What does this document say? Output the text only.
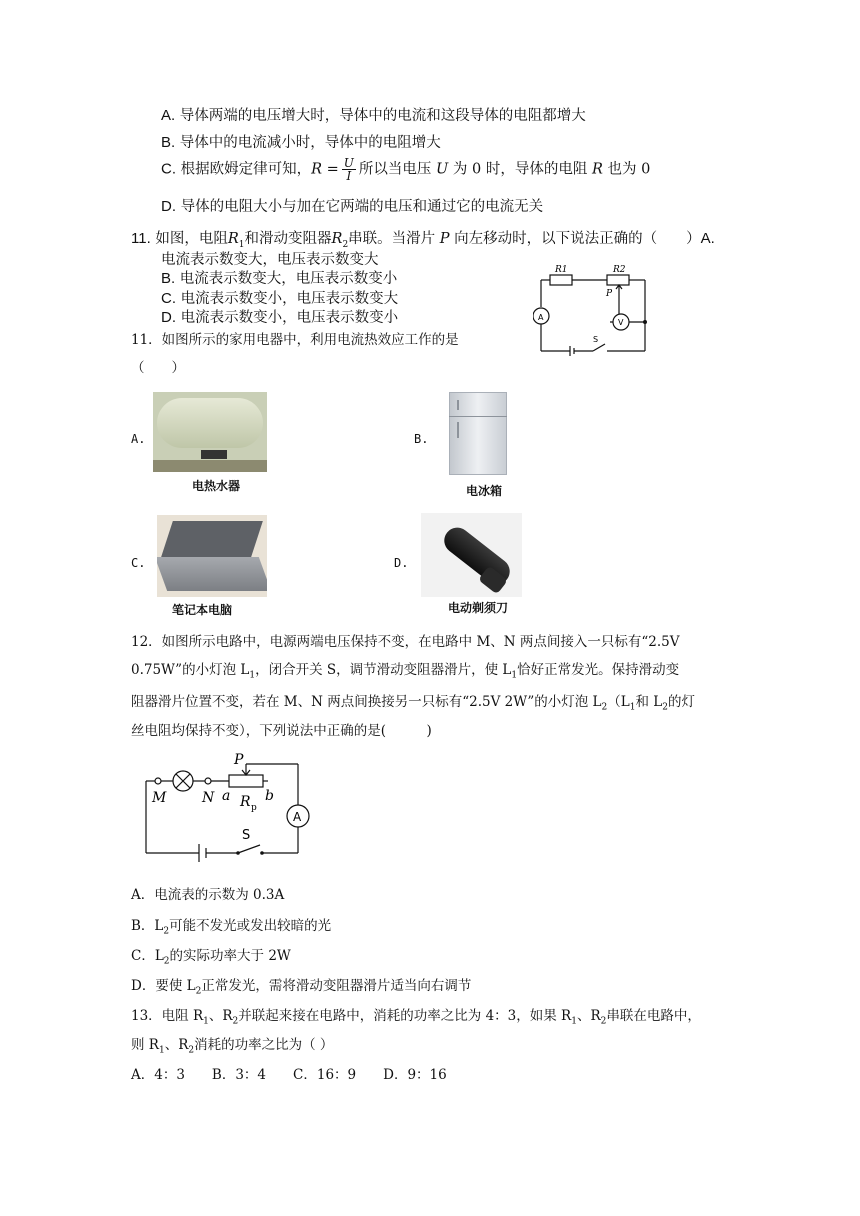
A. 导体两端的电压增大时，导体中的电流和这段导体的电阻都增大
B. 导体中的电流减小时，导体中的电阻增大
C. 根据欧姆定律可知，$R = \frac{U}{I}$ 所以当电压 U 为 0 时，导体的电阻 R 也为 0
D. 导体的电阻大小与加在它两端的电压和通过它的电流无关
11. 如图，电阻$R_1$和滑动变阻器$R_2$串联。当滑片 P 向左移动时，以下说法正确的（　　）A.
电流表示数变大，电压表示数变大
B. 电流表示数变大，电压表示数变小
C. 电流表示数变小，电压表示数变大
D. 电流表示数变小，电压表示数变小
R1	R2
P
A
V
S
11．如图所示的家用电器中，利用电流热效应工作的是
（　　）
A.
电热水器
B.
电冰箱
C.
笔记本电脑
D.
电动剃须刀
12．如图所示电路中，电源两端电压保持不变，在电路中 M、N 两点间接入一只标有“2.5V
0.75W”的小灯泡 $L_1$，闭合开关 S，调节滑动变阻器滑片，使 $L_1$恰好正常发光。保持滑动变
阻器滑片位置不变，若在 M、N 两点间换接另一只标有“2.5V 2W”的小灯泡 $L_2(L_1$和 $L_2$的灯
丝电阻均保持不变），下列说法中正确的是(　　　)
P
M	N a R p
b
A
S
A．电流表的示数为 0.3A
B．$L_2$可能不发光或发出较暗的光
C．$L_2$的实际功率大于 2W
D．要使 $L_2$正常发光，需将滑动变阻器滑片适当向右调节
13．电阻 $R_1$、$R_2$并联起来接在电路中，消耗的功率之比为 4：3，如果 $R_1$、$R_2$串联在电路中，
则 $R_1$、$R_2$消耗的功率之比为（ ）
A．4：3　　B．3：4　　C．16：9　　D．9：16
